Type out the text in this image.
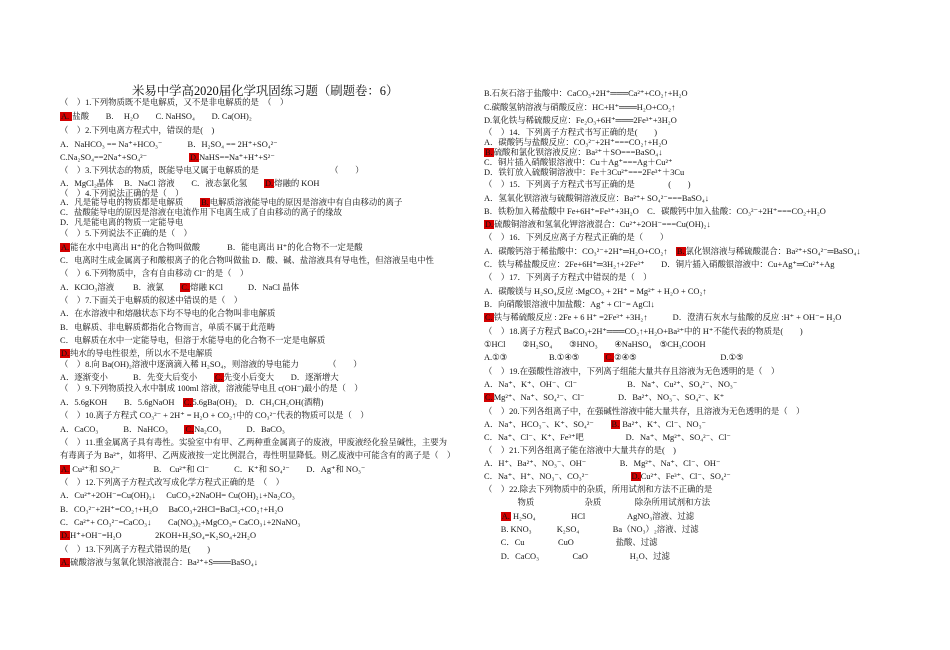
米易中学高2020届化学巩固练习题（刷题卷：6）
（　）1.下列物质既不是电解质，又不是非电解质的是　（　）
A. 盐酸　　B.　 H₂O　　C. NaHSO₄　　D. Ca(OH)₂
（　）2.下列电离方程式中，错误的是(　)
A．NaHCO₃ == Na⁺+HCO₃⁻　　　B．H₂SO₄ == 2H⁺+SO₄²⁻
C.Na₂SO₄==2Na⁺+SO₄²⁻　　　　　D.NaHS==Na⁺+H⁺+S²⁻
（　）3.下列状态的物质，既能导电又属于电解质的是　　　　　　　　　（　　）
A．MgCl₂晶体　 B．NaCl 溶液　　C．液态氯化氢　　D.熔融的 KOH
（　）4.下列说法正确的是（　）
A．凡是能导电的物质都是电解质　　B.电解质溶液能导电的原因是溶液中有自由移动的离子
C．盐酸能导电的原因是溶液在电流作用下电离生成了自由移动的离子的缘故
D．凡是能电离的物质一定能导电
（　）5.下列说法不正确的是（　）
A.能在水中电离出 H⁺的化合物叫做酸　　　 B．能电离出 H⁺的化合物不一定是酸
C．电离时生成金属离子和酸根离子的化合物叫做盐 D．酸、碱、盐溶液具有导电性，但溶液呈电中性
（　）6.下列物质中，含有自由移动 Cl⁻的是（　）
A．KClO₃溶液　　 B．液氯　　C.熔融 KCl　　　D．NaCl 晶体
（　）7.下面关于电解质的叙述中错误的是（　）
A．在水溶液中和熔融状态下均不导电的化合物叫非电解质
B．电解质、非电解质都指化合物而言，单质不属于此范畴
C．电解质在水中一定能导电，但溶于水能导电的化合物不一定是电解质
D.纯水的导电性很差，所以水不是电解质
（　）8.向 Ba(OH)₂溶液中逐滴滴入稀 H₂SO₄，则溶液的导电能力　　　　（　　）
A．逐渐变小　　　B．先变大后变小　　C.先变小后变大　　D．逐渐增大
（　）9.下列物质投入水中制成 100ml 溶液，溶液能导电且 c(OH⁻)最小的是（　）
A．5.6gKOH　　B．5.6gNaOH　C.5.6gBa(OH)₂　D．CH₃CH₂OH(酒精)
（　）10.离子方程式 CO₃²⁻ + 2H⁺ = H₂O + CO₂↑中的 CO₃²⁻代表的物质可以是（　）
A．CaCO₃　　　B．NaHCO₃　　C.Na₂CO₃　　　D．BaCO₃
（　）11.重金属离子具有毒性。实验室中有甲、乙两种重金属离子的废液，甲废液经化验呈碱性，主要为
有毒离子为 Ba²⁺，如将甲、乙两废液按一定比例混合，毒性明显降低。则乙废液中可能含有的离子是（　）
A. Cu²⁺和 SO₄²⁻　　　　B.　Cu²⁺和 Cl⁻　　　C．K⁺和 SO₄²⁻　　D．Ag⁺和 NO₃⁻
（　）12.下列离子方程式改写成化学方程式正确的是　（　）
A．Cu²⁺+2OH⁻=Cu(OH)₂↓　 CuCO₃+2NaOH= Cu(OH)₂↓+Na₂CO₃
B．CO₃²⁻+2H⁺=CO₂↑+H₂O　 BaCO₃+2HCl=BaCl₂+CO₂↑+H₂O
C．Ca²⁺+ CO₃²⁻=CaCO₃↓　　Ca(NO₃)₂+MgCO₃= CaCO₃↓+2NaNO₃
D.H⁺+OH⁻=H₂O　　　　2KOH+H₂SO₄=K₂SO₄+2H₂O
（　）13.下列离子方程式错误的是(　　)
A.硫酸溶液与氢氧化钡溶液混合：Ba²⁺+S═══BaSO₄↓
B.石灰石溶于盐酸中：CaCO₃+2H⁺═══Ca²⁺+CO₂↑+H₂O
C.碳酸氢钠溶液与硝酸反应：HC+H⁺═══H₂O+CO₂↑
D.氧化铁与稀硫酸反应：Fe₂O₃+6H⁺═══2Fe³⁺+3H₂O
（　）14．下列离子方程式书写正确的是(　　)
A．碳酸钙与盐酸反应：CO₃²⁻+2H⁺===CO₂↑+H₂O
B.硫酸和氯化钡溶液反应：Ba²⁺＋SO===BaSO₄↓
C．铜片插入硝酸银溶液中：Cu＋Ag⁺===Ag＋Cu²⁺
D．铁钉放入硫酸铜溶液中：Fe＋3Cu²⁺===2Fe³⁺＋3Cu
（　）15．下列离子方程式书写正确的是　　　　(　　)
A．氢氧化钡溶液与硫酸铜溶液反应：Ba²⁺+ SO₄²⁻===BaSO₄↓
B．铁粉加入稀盐酸中 Fe+6H⁺=Fe³⁺+3H₂O　C．碳酸钙中加入盐酸：CO₃²⁻+2H⁺===CO₂+H₂O
D.硫酸铜溶液和氢氧化钾溶液混合：Cu²⁺+2OH⁻===Cu(OH)₂↓
（　）16．下列反应离子方程式正确的是（　　）
A．碳酸钙溶于稀盐酸中：CO₃²⁻+2H⁺═H₂O+CO₂↑　B.氯化钡溶液与稀硫酸混合：Ba²⁺+SO₄²⁻═BaSO₄↓
C．铁与稀盐酸反应：2Fe+6H⁺═3H₂↑+2Fe³⁺　　D．铜片插入硝酸银溶液中：Cu+Ag⁺═Cu²⁺+Ag
（　）17．下列离子方程式中错误的是（　）
A．碳酸镁与 H₂SO₄反应 :MgCO₃ + 2H⁺ = Mg²⁺ + H₂O + CO₂↑
B．向硝酸银溶液中加盐酸：Ag⁺ + Cl⁻= AgCl↓
C.铁与稀硫酸反应 : 2Fe + 6 H⁺ =2Fe³⁺ +3H₂↑　　　D．澄清石灰水与盐酸的反应 :H⁺ + OH⁻= H₂O
（　）18.离子方程式 BaCO₃+2H⁺═══CO₂↑+H₂O+Ba²⁺中的 H⁺不能代表的物质是(　　)
①HCl　　②H₂SO₄　　③HNO₃　　④NaHSO₄　⑤CH₃COOH
A.①③　　　　　B.①④⑤　　　C.②④⑤　　　　　　　　　　D.①⑤
（　）19.在强酸性溶液中，下列离子组能大量共存且溶液为无色透明的是（　）
A．Na⁺、K⁺、OH⁻、Cl⁻　　　　　　B．Na⁺、Cu²⁺、SO₄²⁻、NO₃⁻
C.Mg²⁺、Na⁺、SO₄²⁻、Cl⁻　　　　D．Ba²⁺、NO₃⁻、SO₄²⁻、K⁺
（　）20.下列各组离子中，在强碱性溶液中能大量共存，且溶液为无色透明的是（　）
A．Na⁺、HCO₃⁻、K⁺、SO₄²⁻　　B. Ba²⁺、K⁺、Cl⁻、NO₃⁻
C．Na⁺、Cl⁻、K⁺、Fe³⁺吧　　　　　D．Na⁺、Mg²⁺、SO₄²⁻、Cl⁻
（　）21.下列各组离子能在溶液中大量共存的是(　)
A．H⁺、Ba²⁺、NO₃⁻、OH⁻　　　　B．Mg²⁺、Na⁺、Cl⁻、OH⁻
C．Na⁺、H⁺、NO₃⁻、CO₃²⁻　　　　　D.Cu²⁺、Fe³⁺、Cl⁻、SO₄²⁻
（　）22.除去下列物质中的杂质，所用试剂和方法不正确的是
　　　　物质　　　　　　杂质　　　　除杂所用试剂和方法
　　A. H₂SO₄　　　　 HCl　　　　　AgNO₃溶液、过滤
　　B. KNO₃　　　K₂SO₄　　　　Ba（NO₃）₂溶液、过滤
　　C．Cu　　　　CuO　　　　　盐酸、过滤
　　D．CaCO₃　　　　CaO　　　　　H₂O、过滤
